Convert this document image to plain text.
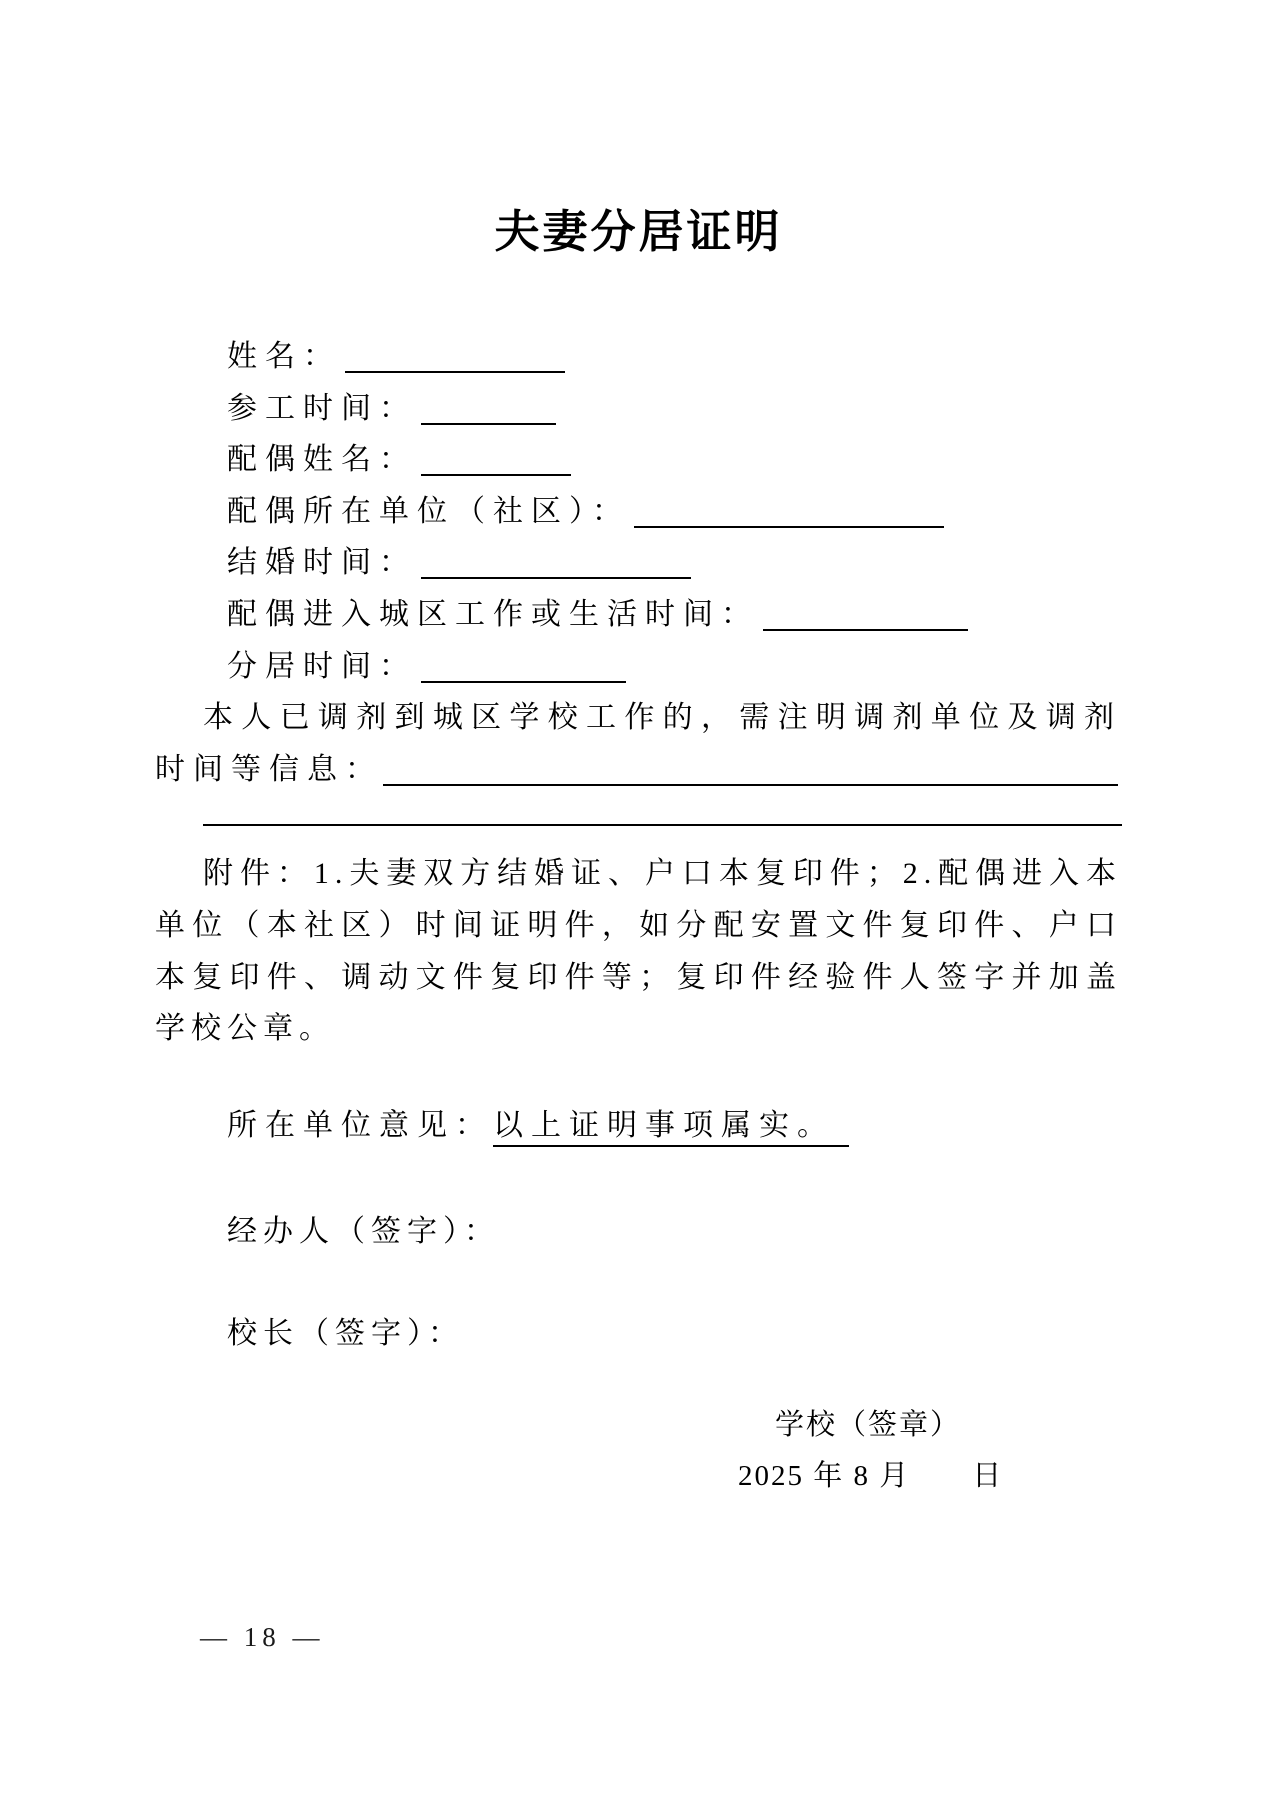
夫妻分居证明
姓名：
参工时间：
配偶姓名：
配偶所在单位（社区）：
结婚时间：
配偶进入城区工作或生活时间：
分居时间：

本人已调剂到城区学校工作的，需注明调剂单位及调剂时间等信息：

附件：1.夫妻双方结婚证、户口本复印件；2.配偶进入本单位（本社区）时间证明件，如分配安置文件复印件、户口本复印件、调动文件复印件等；复印件经验件人签字并加盖学校公章。

所在单位意见：以上证明事项属实。
经办人（签字）：
校长（签字）：
学校（签章）
2025 年 8 月　　日
— 18 —
